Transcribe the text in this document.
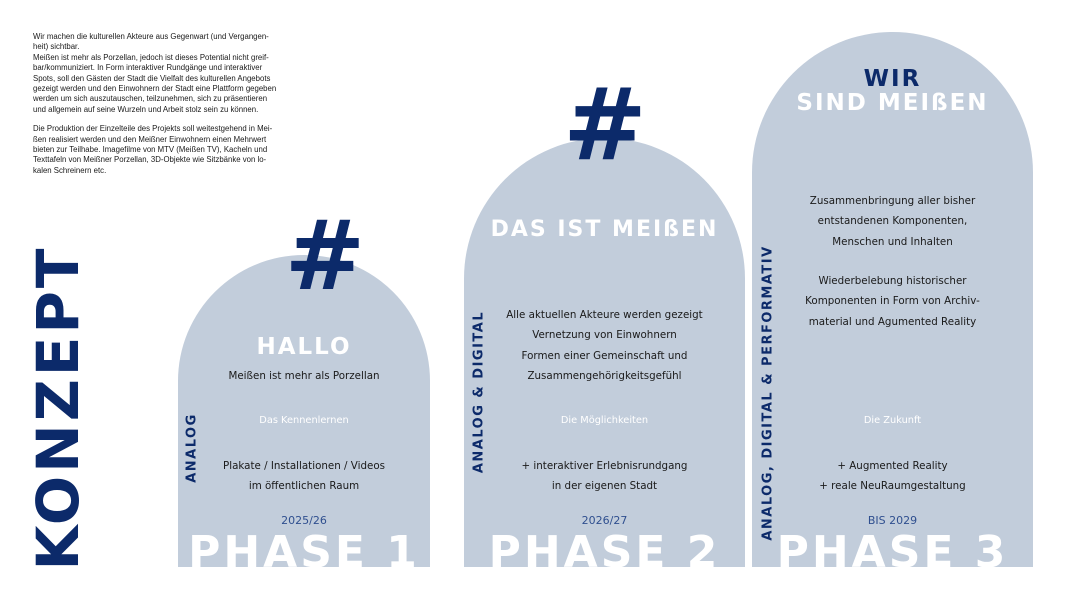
Wir machen die kulturellen Akteure aus Gegenwart (und Vergangen-
heit) sichtbar.
Meißen ist mehr als Porzellan, jedoch ist dieses Potential nicht greif-
bar/kommuniziert. In Form interaktiver Rundgänge und interaktiver
Spots, soll den Gästen der Stadt die Vielfalt des kulturellen Angebots
gezeigt werden und den Einwohnern der Stadt eine Plattform gegeben
werden um sich auszutauschen, teilzunehmen, sich zu präsentieren
und allgemein auf seine Wurzeln und Arbeit stolz sein zu können.

Die Produktion der Einzelteile des Projekts soll weitestgehend in Mei-
ßen realisiert werden und den Meißner Einwohnern einen Mehrwert
bieten zur Teilhabe. Imagefilme von MTV (Meißen TV), Kacheln und
Texttafeln von Meißner Porzellan, 3D-Objekte wie Sitzbänke von lo-
kalen Schreinern etc.

KONZEPT PHASE 1
HALLO
Meißen ist mehr als Porzellan
Das Kennenlernen
Plakate / Installationen / Videos
im öffentlichen Raum
2025/26
#
ANALOG
PHASE 2
DAS IST MEIßEN
Alle aktuellen Akteure werden gezeigt
Vernetzung von Einwohnern
Formen einer Gemeinschaft und
Zusammengehörigkeitsgefühl
Die Möglichkeiten
+ interaktiver Erlebnisrundgang
in der eigenen Stadt
2026/27
#
ANALOG & DIGITAL
PHASE 3
WIR
SIND MEIßEN
Zusammenbringung aller bisher
entstandenen Komponenten,
Menschen und Inhalten
Wiederbelebung historischer
Komponenten in Form von Archiv-
material und Agumented Reality
Die Zukunft
+ Augmented Reality
+ reale NeuRaumgestaltung
BIS 2029
ANALOG, DIGITAL & PERFORMATIV
